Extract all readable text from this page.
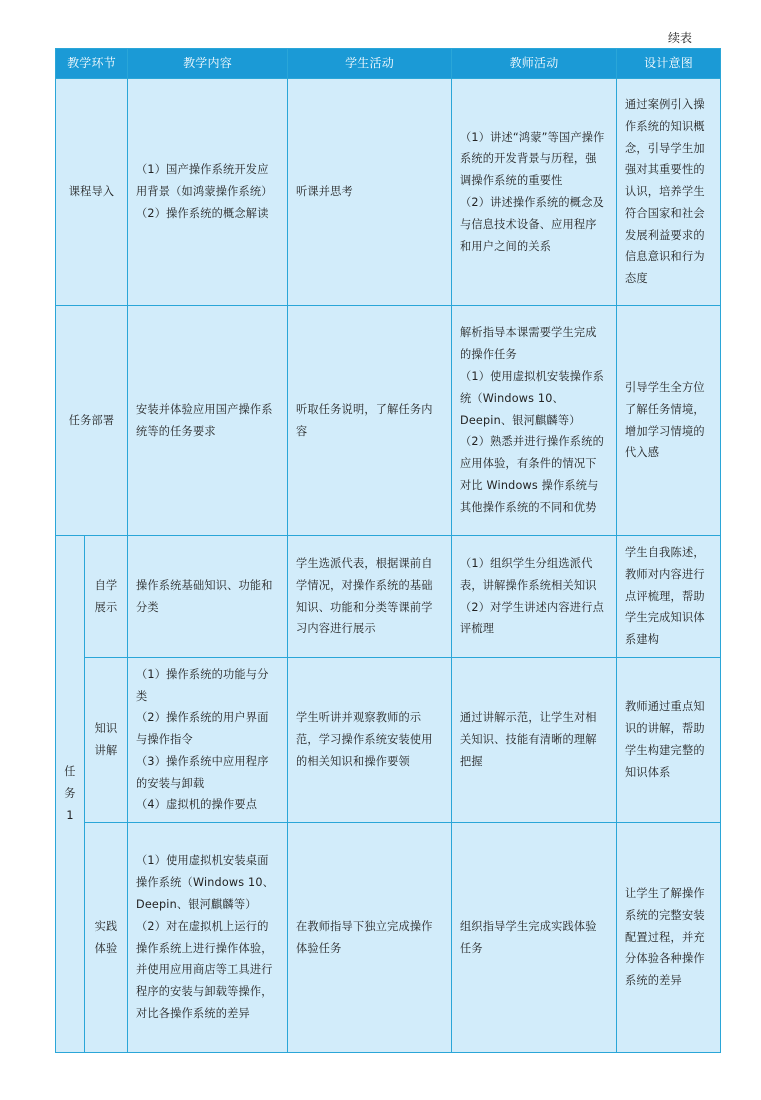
续表
教学环节		教学内容	学生活动	教师活动	设计意图
课程导入		（1）国产操作系统开发应用背景（如鸿蒙操作系统）
（2）操作系统的概念解读	听课并思考	（1）讲述“鸿蒙”等国产操作系统的开发背景与历程，强调操作系统的重要性
（2）讲述操作系统的概念及与信息技术设备、应用程序和用户之间的关系	通过案例引入操作系统的知识概念，引导学生加强对其重要性的认识，培养学生符合国家和社会发展利益要求的信息意识和行为态度

任务部署		安装并体验应用国产操作系统等的任务要求	听取任务说明，了解任务内容	解析指导本课需要学生完成的操作任务
（1）使用虚拟机安装操作系统（Windows 10、Deepin、银河麒麟等）
（2）熟悉并进行操作系统的应用体验，有条件的情况下对比 Windows 操作系统与其他操作系统的不同和优势	引导学生全方位了解任务情境，增加学习情境的代入感

任务1	自学展示	操作系统基础知识、功能和分类	学生选派代表，根据课前自学情况，对操作系统的基础知识、功能和分类等课前学习内容进行展示	（1）组织学生分组选派代表，讲解操作系统相关知识
（2）对学生讲述内容进行点评梳理	学生自我陈述，教师对内容进行点评梳理，帮助学生完成知识体系建构

	知识讲解	（1）操作系统的功能与分类
（2）操作系统的用户界面与操作指令
（3）操作系统中应用程序的安装与卸载
（4）虚拟机的操作要点	学生听讲并观察教师的示范，学习操作系统安装使用的相关知识和操作要领	通过讲解示范，让学生对相关知识、技能有清晰的理解把握	教师通过重点知识的讲解，帮助学生构建完整的知识体系

	实践体验	（1）使用虚拟机安装桌面操作系统（Windows 10、Deepin、银河麒麟等）
（2）对在虚拟机上运行的操作系统上进行操作体验，并使用应用商店等工具进行程序的安装与卸载等操作，对比各操作系统的差异	在教师指导下独立完成操作体验任务	组织指导学生完成实践体验任务	让学生了解操作系统的完整安装配置过程，并充分体验各种操作系统的差异
